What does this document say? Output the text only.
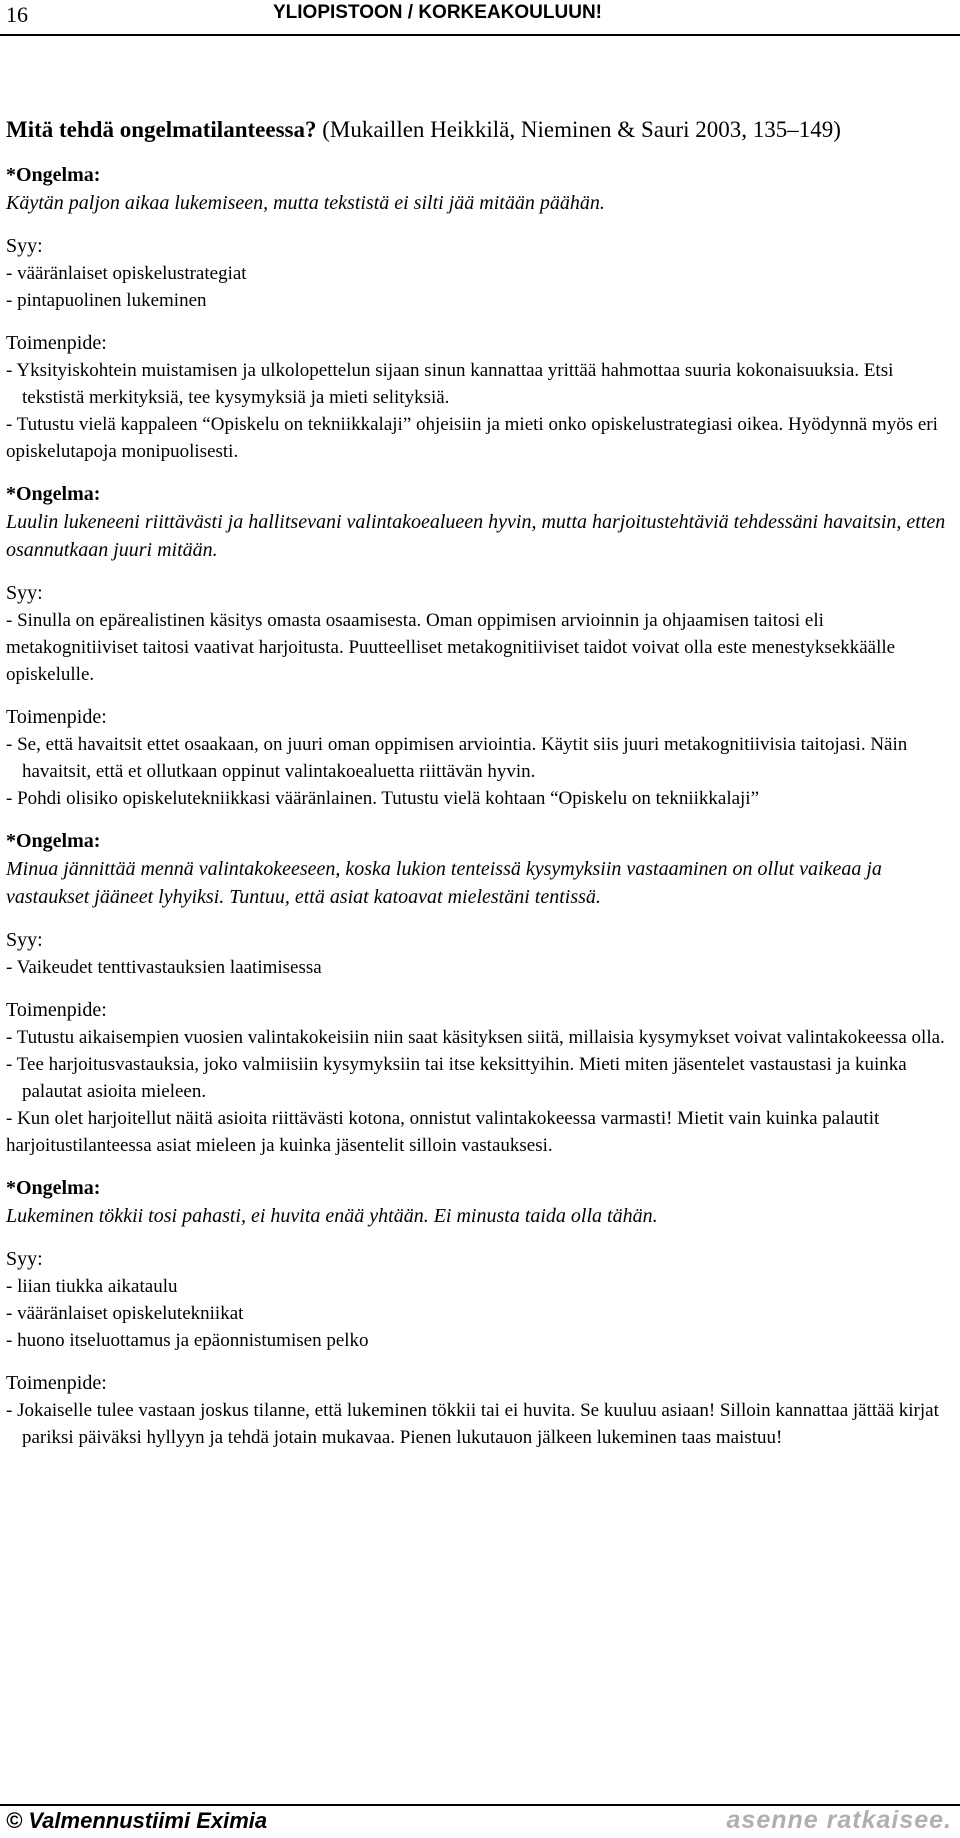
16	YLIOPISTOON / KORKEAKOULUUN!
Mitä tehdä ongelmatilanteessa? (Mukaillen Heikkilä, Nieminen & Sauri 2003, 135–149)
*Ongelma:
Käytän paljon aikaa lukemiseen, mutta tekstistä ei silti jää mitään päähän.
Syy:
- vääränlaiset opiskelustrategiat
- pintapuolinen lukeminen
Toimenpide:
- Yksityiskohtein muistamisen ja ulkolopettelun sijaan sinun kannattaa yrittää hahmottaa suuria kokonaisuuksia. Etsi tekstistä merkityksiä, tee kysymyksiä ja mieti selityksiä.
- Tutustu vielä kappaleen “Opiskelu on tekniikkalaji” ohjeisiin ja mieti onko opiskelustrategiasi oikea. Hyödynnä myös eri opiskelutapoja monipuolisesti.
*Ongelma:
Luulin lukeneeni riittävästi ja hallitsevani valintakoealueen hyvin, mutta harjoitustehtäviä tehdessäni havaitsin, etten osannutkaan juuri mitään.
Syy:
- Sinulla on epärealistinen käsitys omasta osaamisesta. Oman oppimisen arvioinnin ja ohjaamisen taitosi eli metakognitiiviset taitosi vaativat harjoitusta. Puutteelliset metakognitiiviset taidot voivat olla este menestyksekkäälle opiskelulle.
Toimenpide:
- Se, että havaitsit ettet osaakaan, on juuri oman oppimisen arviointia. Käytit siis juuri metakognitiivisia taitojasi. Näin havaitsit, että et ollutkaan oppinut valintakoealuetta riittävän hyvin.
- Pohdi olisiko opiskelutekniikkasi vääränlainen. Tutustu vielä kohtaan “Opiskelu on tekniikkalaji”
*Ongelma:
Minua jännittää mennä valintakokeeseen, koska lukion tenteissä kysymyksiin vastaaminen on ollut vaikeaa ja vastaukset jääneet lyhyiksi. Tuntuu, että asiat katoavat mielestäni tentissä.
Syy:
- Vaikeudet tenttivastauksien laatimisessa
Toimenpide:
- Tutustu aikaisempien vuosien valintakokeisiin niin saat käsityksen siitä, millaisia kysymykset voivat valintakokeessa olla.
- Tee harjoitusvastauksia, joko valmiisiin kysymyksiin tai itse keksittyihin. Mieti miten jäsentelet vastaustasi ja kuinka palautat asioita mieleen.
- Kun olet harjoitellut näitä asioita riittävästi kotona, onnistut valintakokeessa varmasti! Mietit vain kuinka palautit harjoitustilanteessa asiat mieleen ja kuinka jäsentelit silloin vastauksesi.
*Ongelma:
Lukeminen tökkii tosi pahasti, ei huvita enää yhtään. Ei minusta taida olla tähän.
Syy:
- liian tiukka aikataulu
- vääränlaiset opiskelutekniikat
- huono itseluottamus ja epäonnistumisen pelko
Toimenpide:
- Jokaiselle tulee vastaan joskus tilanne, että lukeminen tökkii tai ei huvita. Se kuuluu asiaan! Silloin kannattaa jättää kirjat pariksi päiväksi hyllyyn ja tehdä jotain mukavaa. Pienen lukutauon jälkeen lukeminen taas maistuu!
© Valmennustiimi Eximia	asenne ratkaisee.
